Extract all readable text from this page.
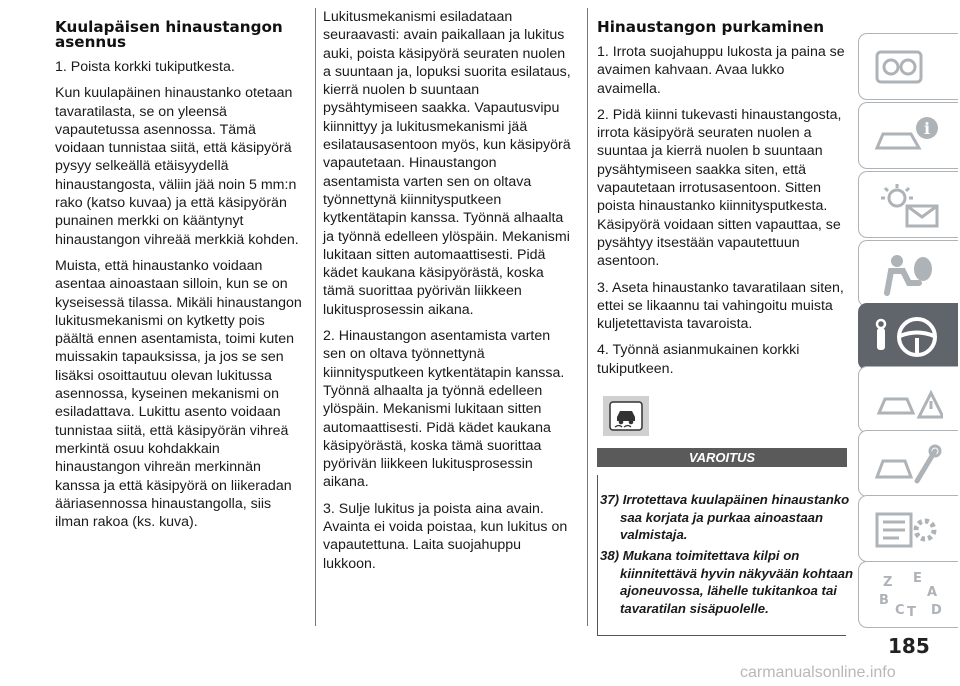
Kuulapäisen hinaustangon asennus

1. Poista korkki tukiputkesta.

Kun kuulapäinen hinaustanko otetaan tavaratilasta, se on yleensä vapautetussa asennossa. Tämä voidaan tunnistaa siitä, että käsipyörä pysyy selkeällä etäisyydellä hinaustangosta, väliin jää noin 5 mm:n rako (katso kuvaa) ja että käsipyörän punainen merkki on kääntynyt hinaustangon vihreää merkkiä kohden.

Muista, että hinaustanko voidaan asentaa ainoastaan silloin, kun se on kyseisessä tilassa. Mikäli hinaustangon lukitusmekanismi on kytketty pois päältä ennen asentamista, toimi kuten muissakin tapauksissa, ja jos se sen lisäksi osoittautuu olevan lukitussa asennossa, kyseinen mekanismi on esiladattava. Lukittu asento voidaan tunnistaa siitä, että käsipyörän vihreä merkintä osuu kohdakkain hinaustangon vihreän merkinnän kanssa ja että käsipyörä on liikeradan ääriasennossa hinaustangolla, siis ilman rakoa (ks. kuva).

Lukitusmekanismi esiladataan seuraavasti: avain paikallaan ja lukitus auki, poista käsipyörä seuraten nuolen a suuntaan ja, lopuksi suorita esilataus, kierrä nuolen b suuntaan pysähtymiseen saakka. Vapautusvipu kiinnittyy ja lukitusmekanismi jää esilatausasentoon myös, kun käsipyörä vapautetaan. Hinaustangon asentamista varten sen on oltava työnnettynä kiinnitysputkeen kytkentätapin kanssa. Työnnä alhaalta ja työnnä edelleen ylöspäin. Mekanismi lukitaan sitten automaattisesti. Pidä kädet kaukana käsipyörästä, koska tämä suorittaa pyörivän liikkeen lukitusprosessin aikana.

2. Hinaustangon asentamista varten sen on oltava työnnettynä kiinnitysputkeen kytkentätapin kanssa. Työnnä alhaalta ja työnnä edelleen ylöspäin. Mekanismi lukitaan sitten automaattisesti. Pidä kädet kaukana käsipyörästä, koska tämä suorittaa pyörivän liikkeen lukitusprosessin aikana.

3. Sulje lukitus ja poista aina avain. Avainta ei voida poistaa, kun lukitus on vapautettuna. Laita suojahuppu lukkoon.

Hinaustangon purkaminen

1. Irrota suojahuppu lukosta ja paina se avaimen kahvaan. Avaa lukko avaimella.

2. Pidä kiinni tukevasti hinaustangosta, irrota käsipyörä seuraten nuolen a suuntaa ja kierrä nuolen b suuntaan pysähtymiseen saakka siten, että vapautetaan irrotusasentoon. Sitten poista hinaustanko kiinnitysputkesta. Käsipyörä voidaan sitten vapauttaa, se pysähtyy itsestään vapautettuun asentoon.

3. Aseta hinaustanko tavaratilaan siten, ettei se likaannu tai vahingoitu muista kuljetettavista tavaroista.

4. Työnnä asianmukainen korkki tukiputkeen.

VAROITUS
37) Irrotettava kuulapäinen hinaustanko saa korjata ja purkaa ainoastaan valmistaja.
38) Mukana toimitettava kilpi on kiinnitettävä hyvin näkyvään kohtaan ajoneuvossa, lähelle tukitankoa tai tavaratilan sisäpuolelle.
i
Z E
A
B
C T D
185
carmanualsonline.info
